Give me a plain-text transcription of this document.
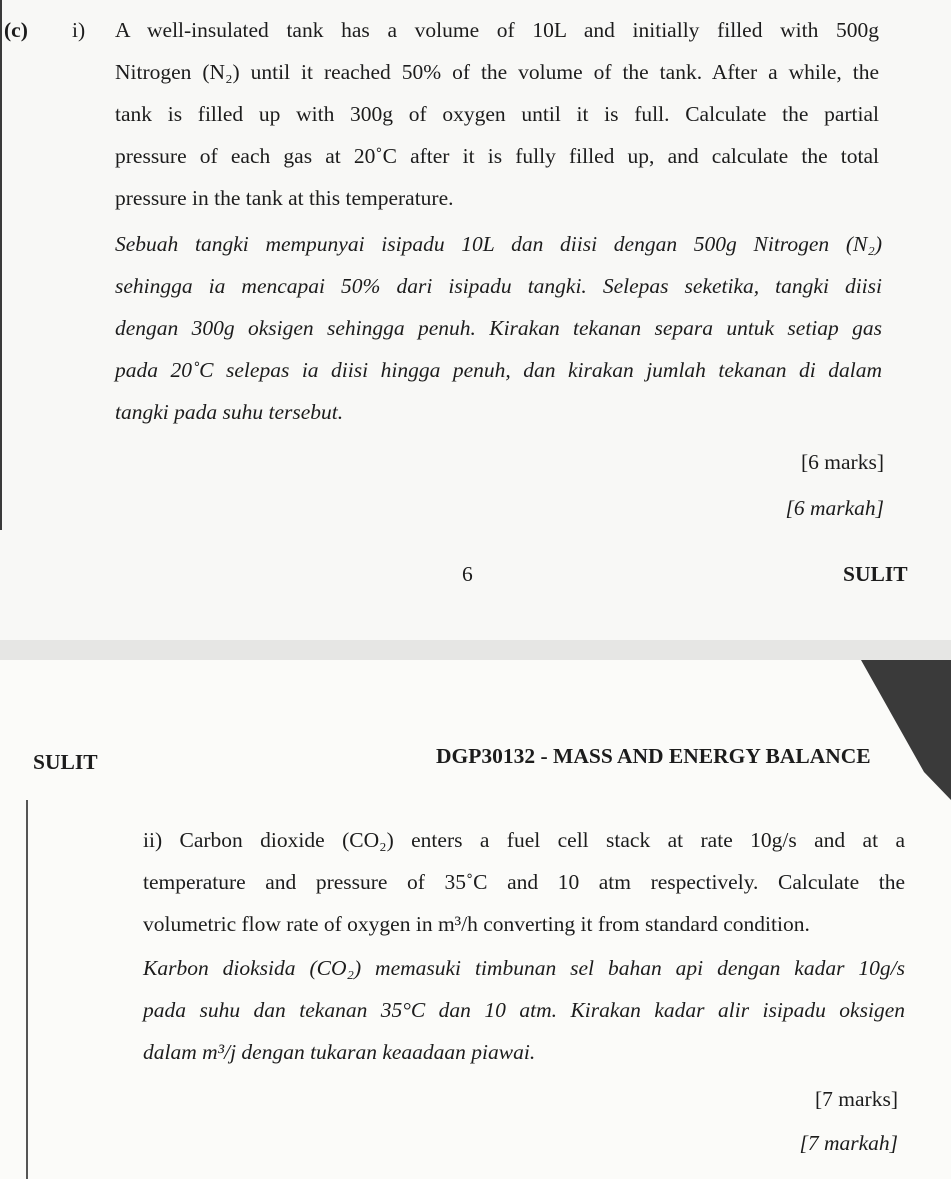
(c) i) A well-insulated tank has a volume of 10L and initially filled with 500g
Nitrogen (N₂) until it reached 50% of the volume of the tank. After a while, the
tank is filled up with 300g of oxygen until it is full. Calculate the partial
pressure of each gas at 20˚C after it is fully filled up, and calculate the total
pressure in the tank at this temperature.
Sebuah tangki mempunyai isipadu 10L dan diisi dengan 500g Nitrogen (N₂)
sehingga ia mencapai 50% dari isipadu tangki. Selepas seketika, tangki diisi
dengan 300g oksigen sehingga penuh. Kirakan tekanan separa untuk setiap gas
pada 20˚C selepas ia diisi hingga penuh, dan kirakan jumlah tekanan di dalam
tangki pada suhu tersebut.
[6 marks]
[6 markah]
6	SULIT
SULIT	DGP30132 - MASS AND ENERGY BALANCE
ii) Carbon dioxide (CO₂) enters a fuel cell stack at rate 10g/s and at a
temperature and pressure of 35˚C and 10 atm respectively. Calculate the
volumetric flow rate of oxygen in m³/h converting it from standard condition.
Karbon dioksida (CO₂) memasuki timbunan sel bahan api dengan kadar 10g/s
pada suhu dan tekanan 35°C dan 10 atm. Kirakan kadar alir isipadu oksigen
dalam m³/j dengan tukaran keaadaan piawai.
[7 marks]
[7 markah]
